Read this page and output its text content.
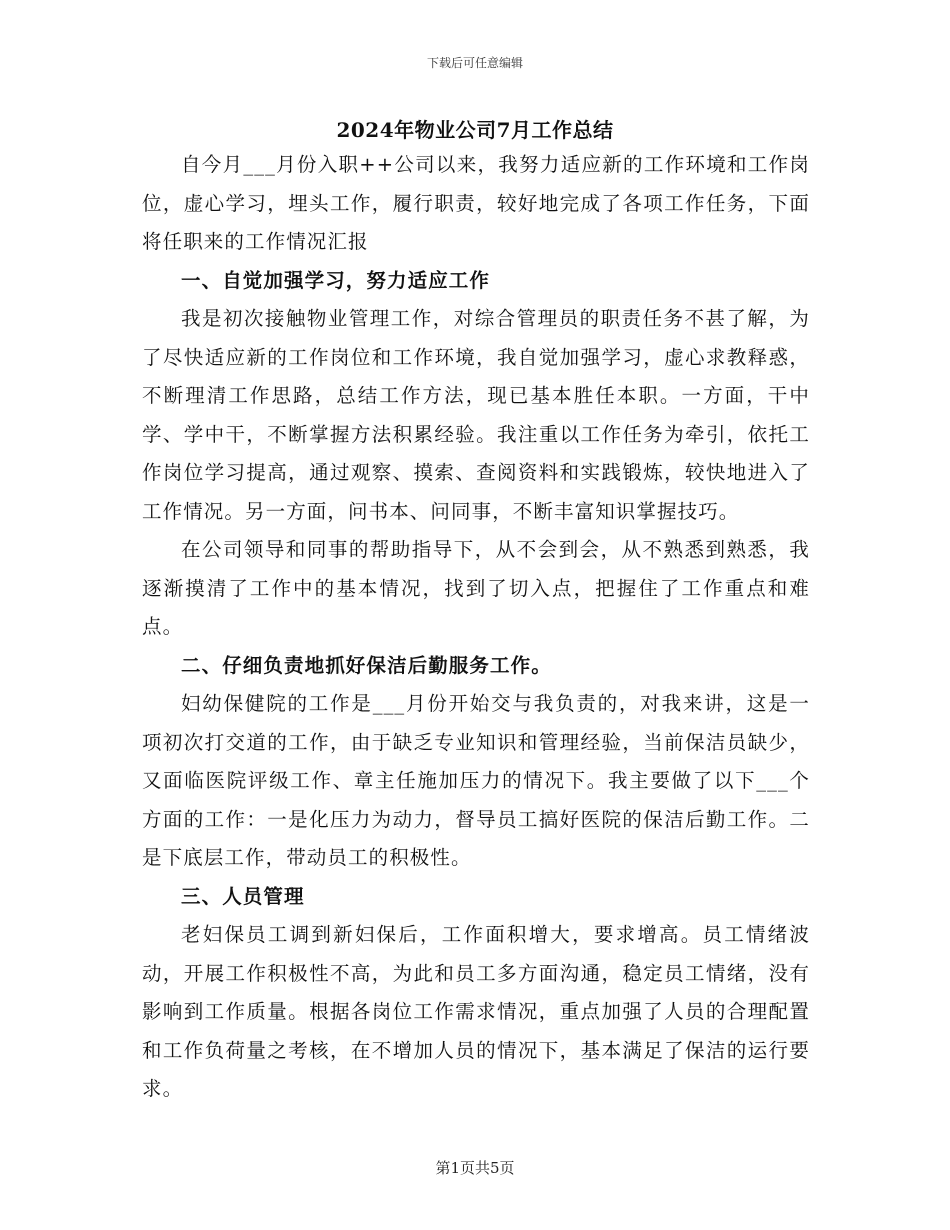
下载后可任意编辑
2024年物业公司7月工作总结

自今月___月份入职++公司以来，我努力适应新的工作环境和工作岗位，虚心学习，埋头工作，履行职责，较好地完成了各项工作任务，下面将任职来的工作情况汇报

一、自觉加强学习，努力适应工作

我是初次接触物业管理工作，对综合管理员的职责任务不甚了解，为了尽快适应新的工作岗位和工作环境，我自觉加强学习，虚心求教释惑，不断理清工作思路，总结工作方法，现已基本胜任本职。一方面，干中学、学中干，不断掌握方法积累经验。我注重以工作任务为牵引，依托工作岗位学习提高，通过观察、摸索、查阅资料和实践锻炼，较快地进入了工作情况。另一方面，问书本、问同事，不断丰富知识掌握技巧。

在公司领导和同事的帮助指导下，从不会到会，从不熟悉到熟悉，我逐渐摸清了工作中的基本情况，找到了切入点，把握住了工作重点和难点。

二、仔细负责地抓好保洁后勤服务工作。

妇幼保健院的工作是___月份开始交与我负责的，对我来讲，这是一项初次打交道的工作，由于缺乏专业知识和管理经验，当前保洁员缺少，又面临医院评级工作、章主任施加压力的情况下。我主要做了以下___个方面的工作：一是化压力为动力，督导员工搞好医院的保洁后勤工作。二是下底层工作，带动员工的积极性。

三、人员管理

老妇保员工调到新妇保后，工作面积增大，要求增高。员工情绪波动，开展工作积极性不高，为此和员工多方面沟通，稳定员工情绪，没有影响到工作质量。根据各岗位工作需求情况，重点加强了人员的合理配置和工作负荷量之考核，在不增加人员的情况下，基本满足了保洁的运行要求。

第1页共5页
